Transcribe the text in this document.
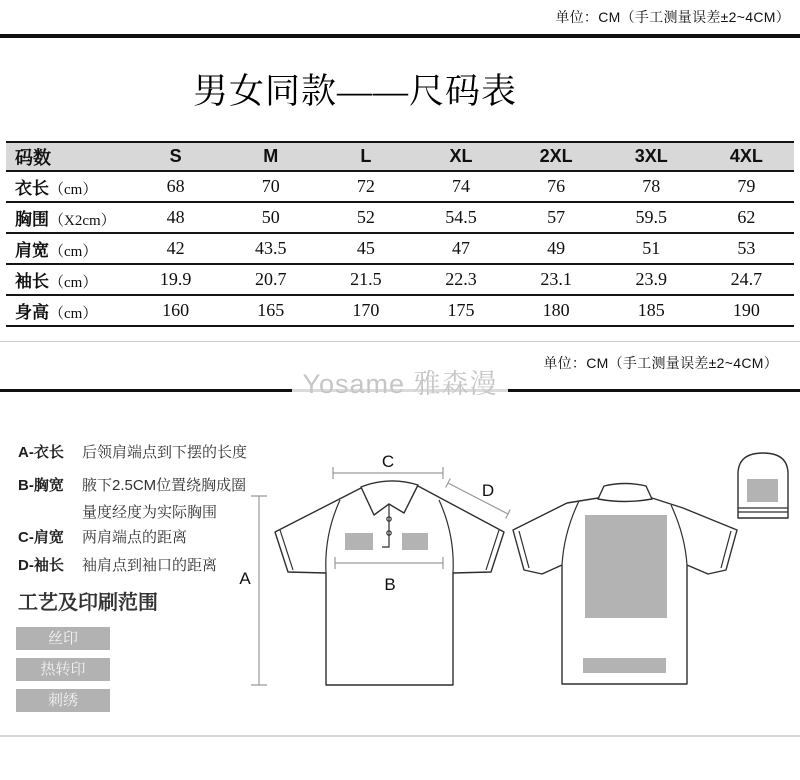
单位：CM（手工测量误差±2~4CM）
男女同款——尺码表
码数	S	M	L	XL	2XL	3XL	4XL
衣长（cm）	68	70	72	74	76	78	79
胸围（X2cm）	48	50	52	54.5	57	59.5	62
肩宽（cm）	42	43.5	45	47	49	51	53
袖长（cm）	19.9	20.7	21.5	22.3	23.1	23.9	24.7
身高（cm）	160	165	170	175	180	185	190
单位：CM（手工测量误差±2~4CM）
Yosame 雅森漫
A-衣长	后领肩端点到下摆的长度
B-胸宽	腋下2.5CM位置绕胸成圈
量度经度为实际胸围
C-肩宽	两肩端点的距离
D-袖长	袖肩点到袖口的距离
工艺及印刷范围
丝印
热转印
刺绣
C
B
A
D
